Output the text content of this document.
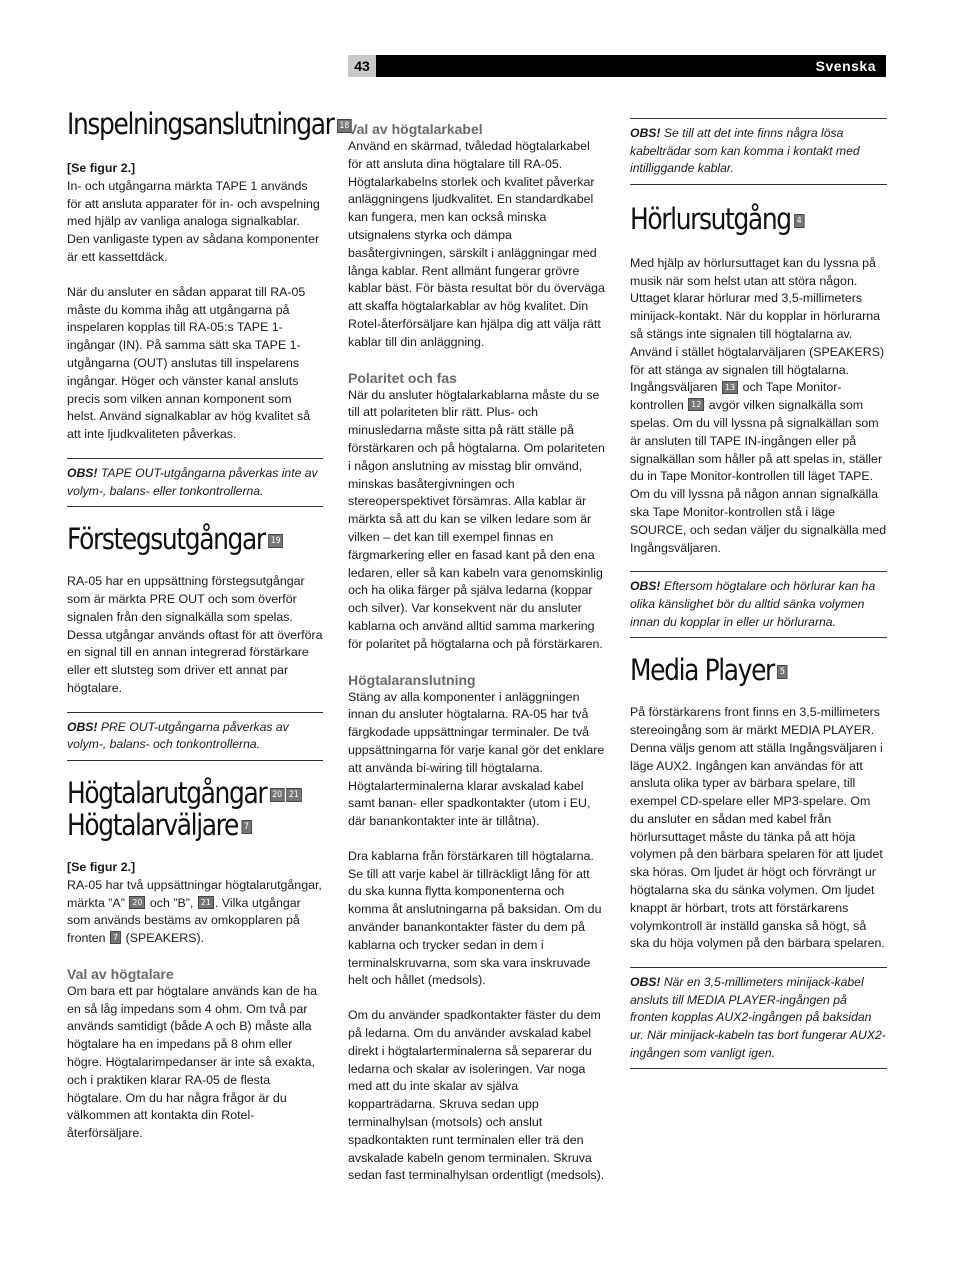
43	Svenska
Inspelningsanslutningar 18

[Se figur 2.]

In- och utgångarna märkta TAPE 1 används för att ansluta apparater för in- och avspelning med hjälp av vanliga analoga signalkablar. Den vanligaste typen av sådana komponenter är ett kassettdäck.

När du ansluter en sådan apparat till RA-05 måste du komma ihåg att utgångarna på inspelaren kopplas till RA-05:s TAPE 1-ingångar (IN). På samma sätt ska TAPE 1-utgångarna (OUT) anslutas till inspelarens ingångar. Höger och vänster kanal ansluts precis som vilken annan komponent som helst. Använd signalkablar av hög kvalitet så att inte ljudkvaliteten påverkas.

OBS! TAPE OUT-utgångarna påverkas inte av volym-, balans- eller tonkontrollerna.
Förstegsutgångar 19

RA-05 har en uppsättning förstegsutgångar som är märkta PRE OUT och som överför signalen från den signalkälla som spelas. Dessa utgångar används oftast för att överföra en signal till en annan integrerad förstärkare eller ett slutsteg som driver ett annat par högtalare.

OBS! PRE OUT-utgångarna påverkas av volym-, balans- och tonkontrollerna.
Högtalarutgångar 20 21
Högtalarväljare 7

[Se figur 2.]

RA-05 har två uppsättningar högtalarutgångar, märkta ”A” 20 och ”B”, 21 . Vilka utgångar som används bestäms av omkopplaren på fronten 7 (SPEAKERS).

Val av högtalare

Om bara ett par högtalare används kan de ha en så låg impedans som 4 ohm. Om två par används samtidigt (både A och B) måste alla högtalare ha en impedans på 8 ohm eller högre. Högtalarimpedanser är inte så exakta, och i praktiken klarar RA-05 de flesta högtalare. Om du har några frågor är du välkommen att kontakta din Rotel-återförsäljare.

Val av högtalarkabel

Använd en skärmad, tvåledad högtalarkabel för att ansluta dina högtalare till RA-05. Högtalarkabelns storlek och kvalitet påverkar anläggningens ljudkvalitet. En standardkabel kan fungera, men kan också minska utsignalens styrka och dämpa basåtergivningen, särskilt i anläggningar med långa kablar. Rent allmänt fungerar grövre kablar bäst. För bästa resultat bör du överväga att skaffa högtalarkablar av hög kvalitet. Din Rotel-återförsäljare kan hjälpa dig att välja rätt kablar till din anläggning.

Polaritet och fas

När du ansluter högtalarkablarna måste du se till att polariteten blir rätt. Plus- och minusledarna måste sitta på rätt ställe på förstärkaren och på högtalarna. Om polariteten i någon anslutning av misstag blir omvänd, minskas basåtergivningen och stereoperspektivet försämras. Alla kablar är märkta så att du kan se vilken ledare som är vilken – det kan till exempel finnas en färgmarkering eller en fasad kant på den ena ledaren, eller så kan kabeln vara genomskinlig och ha olika färger på själva ledarna (koppar och silver). Var konsekvent när du ansluter kablarna och använd alltid samma markering för polaritet på högtalarna och på förstärkaren.

Högtalaranslutning

Stäng av alla komponenter i anläggningen innan du ansluter högtalarna. RA-05 har två färgkodade uppsättningar terminaler. De två uppsättningarna för varje kanal gör det enklare att använda bi-wiring till högtalarna. Högtalarterminalerna klarar avskalad kabel samt banan- eller spadkontakter (utom i EU, där banankontakter inte är tillåtna).

Dra kablarna från förstärkaren till högtalarna. Se till att varje kabel är tillräckligt lång för att du ska kunna flytta komponenterna och komma åt anslutningarna på baksidan. Om du använder banankontakter fäster du dem på kablarna och trycker sedan in dem i terminalskruvarna, som ska vara inskruvade helt och hållet (medsols).

Om du använder spadkontakter fäster du dem på ledarna. Om du använder avskalad kabel direkt i högtalarterminalerna så separerar du ledarna och skalar av isoleringen. Var noga med att du inte skalar av själva kopparträdarna. Skruva sedan upp terminalhylsan (motsols) och anslut spadkontakten runt terminalen eller trä den avskalade kabeln genom terminalen. Skruva sedan fast terminalhylsan ordentligt (medsols).

OBS! Se till att det inte finns några lösa kabelträdar som kan komma i kontakt med intilliggande kablar.
Hörlursutgång 4

Med hjälp av hörlursuttaget kan du lyssna på musik när som helst utan att störa någon. Uttaget klarar hörlurar med 3,5-millimeters minijack-kontakt. När du kopplar in hörlurarna så stängs inte signalen till högtalarna av. Använd i stället högtalarväljaren (SPEAKERS) för att stänga av signalen till högtalarna. Ingångsväljaren 13 och Tape Monitor-kontrollen 12 avgör vilken signalkälla som spelas. Om du vill lyssna på signalkällan som är ansluten till TAPE IN-ingången eller på signalkällan som håller på att spelas in, ställer du in Tape Monitor-kontrollen till läget TAPE. Om du vill lyssna på någon annan signalkälla ska Tape Monitor-kontrollen stå i läge SOURCE, och sedan väljer du signalkälla med Ingångsväljaren.

OBS! Eftersom högtalare och hörlurar kan ha olika känslighet bör du alltid sänka volymen innan du kopplar in eller ur hörlurarna.
Media Player 5

På förstärkarens front finns en 3,5-millimeters stereoingång som är märkt MEDIA PLAYER. Denna väljs genom att ställa Ingångsväljaren i läge AUX2. Ingången kan användas för att ansluta olika typer av bärbara spelare, till exempel CD-spelare eller MP3-spelare. Om du ansluter en sådan med kabel från hörlursuttaget måste du tänka på att höja volymen på den bärbara spelaren för att ljudet ska höras. Om ljudet är högt och förvrängt ur högtalarna ska du sänka volymen. Om ljudet knappt är hörbart, trots att förstärkarens volymkontroll är inställd ganska så högt, så ska du höja volymen på den bärbara spelaren.

OBS! När en 3,5-millimeters minijack-kabel ansluts till MEDIA PLAYER-ingången på fronten kopplas AUX2-ingången på baksidan ur. När minijack-kabeln tas bort fungerar AUX2-ingången som vanligt igen.
